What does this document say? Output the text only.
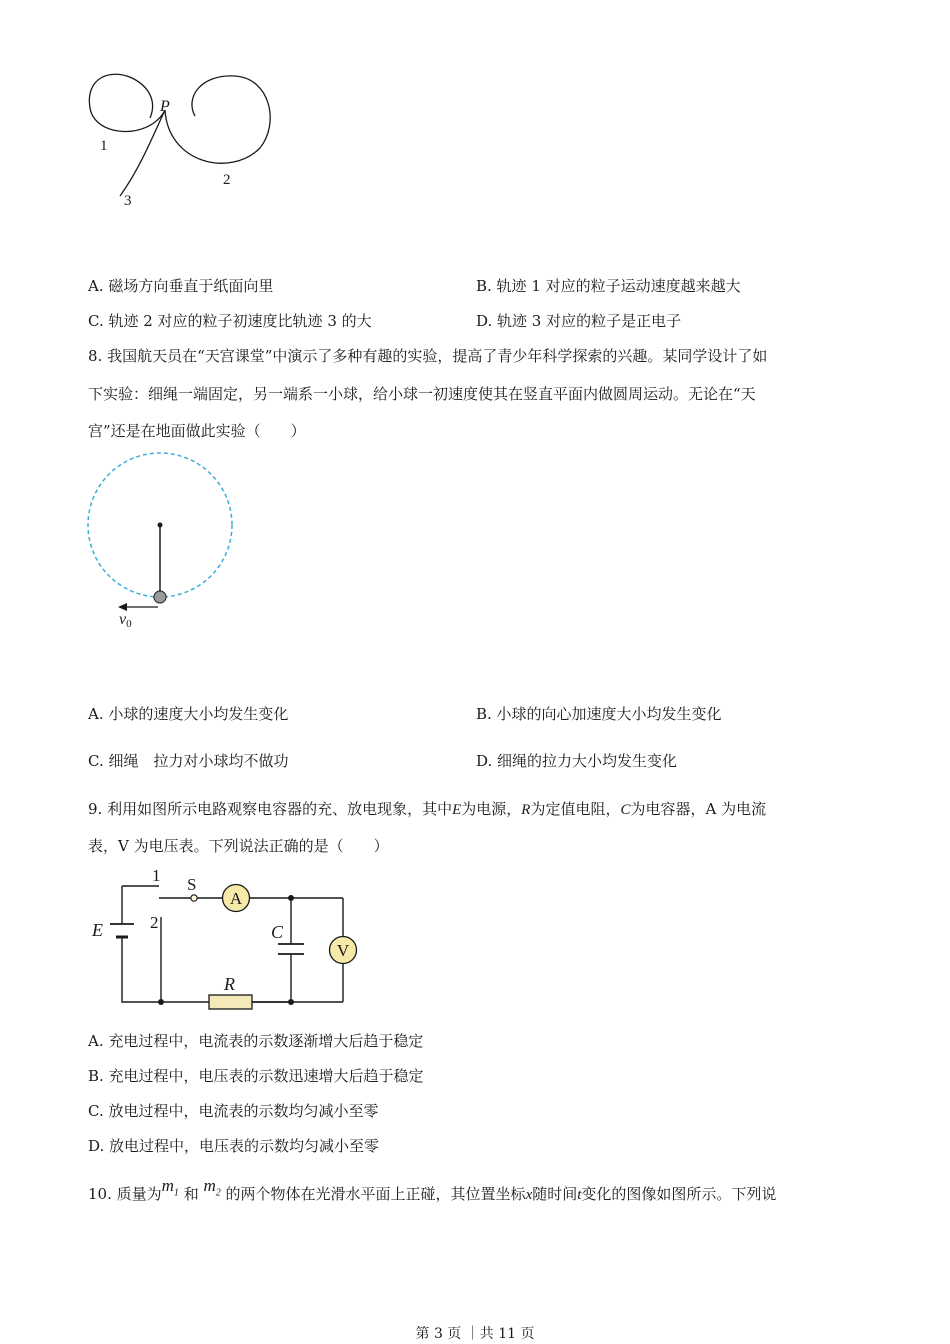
P
1
2
3
A. 磁场方向垂直于纸面向里	B. 轨迹 1 对应的粒子运动速度越来越大
C. 轨迹 2 对应的粒子初速度比轨迹 3 的大	D. 轨迹 3 对应的粒子是正电子
8. 我国航天员在“天宫课堂”中演示了多种有趣的实验，提高了青少年科学探索的兴趣。某同学设计了如
下实验：细绳一端固定，另一端系一小球，给小球一初速度使其在竖直平面内做圆周运动。无论在“天
宫”还是在地面做此实验（　　）
v0
A. 小球的速度大小均发生变化	B. 小球的向心加速度大小均发生变化
C. 细绳　拉力对小球均不做功	D. 细绳的拉力大小均发生变化
9. 利用如图所示电路观察电容器的充、放电现象，其中E为电源，R为定值电阻，C为电容器，A 为电流
表，V 为电压表。下列说法正确的是（　　）
A
V
1
2
S
E	C
R
A. 充电过程中，电流表的示数逐渐增大后趋于稳定
B. 充电过程中，电压表的示数迅速增大后趋于稳定
C. 放电过程中，电流表的示数均匀减小至零
D. 放电过程中，电压表的示数均匀减小至零
10. 质量为$m_1$ 和 $m_2$ 的两个物体在光滑水平面上正碰，其位置坐标x随时间t变化的图像如图所示。下列说
第 3 页 ｜共 11 页
